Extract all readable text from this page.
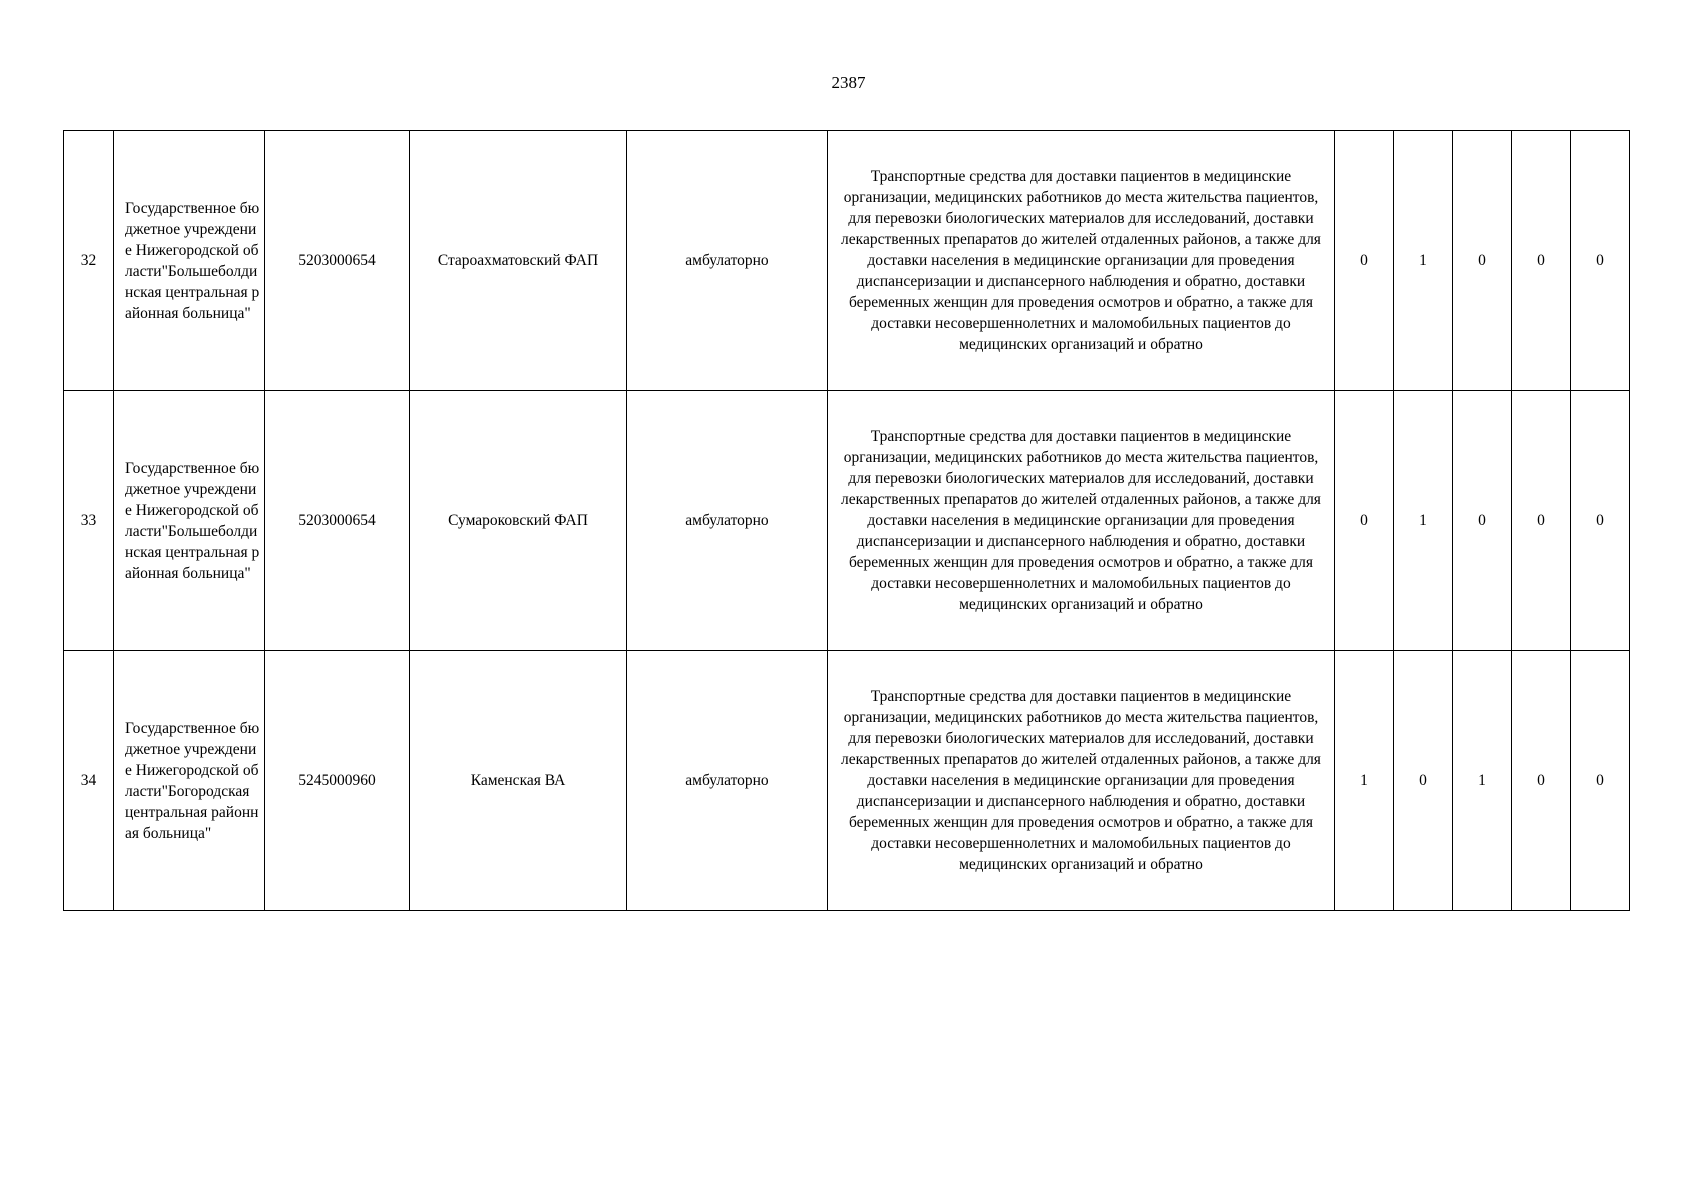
2387
32	Государственное бюджетное учреждение Нижегородской области"Большеболдинская центральная районная больница"	5203000654	Староахматовский ФАП	амбулаторно	Транспортные средства для доставки пациентов в медицинские организации, медицинских работников до места жительства пациентов, для перевозки биологических материалов для исследований, доставки лекарственных препаратов до жителей отдаленных районов, а также для доставки населения в медицинские организации для проведения диспансеризации и диспансерного наблюдения и обратно, доставки беременных женщин для проведения осмотров и обратно, а также для доставки несовершеннолетних и маломобильных пациентов до медицинских организаций и обратно	0	1	0	0	0
33	Государственное бюджетное учреждение Нижегородской области"Большеболдинская центральная районная больница"	5203000654	Сумароковский ФАП	амбулаторно	Транспортные средства для доставки пациентов в медицинские организации, медицинских работников до места жительства пациентов, для перевозки биологических материалов для исследований, доставки лекарственных препаратов до жителей отдаленных районов, а также для доставки населения в медицинские организации для проведения диспансеризации и диспансерного наблюдения и обратно, доставки беременных женщин для проведения осмотров и обратно, а также для доставки несовершеннолетних и маломобильных пациентов до медицинских организаций и обратно	0	1	0	0	0
34	Государственное бюджетное учреждение Нижегородской области"Богородская центральная районная больница"	5245000960	Каменская ВА	амбулаторно	Транспортные средства для доставки пациентов в медицинские организации, медицинских работников до места жительства пациентов, для перевозки биологических материалов для исследований, доставки лекарственных препаратов до жителей отдаленных районов, а также для доставки населения в медицинские организации для проведения диспансеризации и диспансерного наблюдения и обратно, доставки беременных женщин для проведения осмотров и обратно, а также для доставки несовершеннолетних и маломобильных пациентов до медицинских организаций и обратно	1	0	1	0	0
